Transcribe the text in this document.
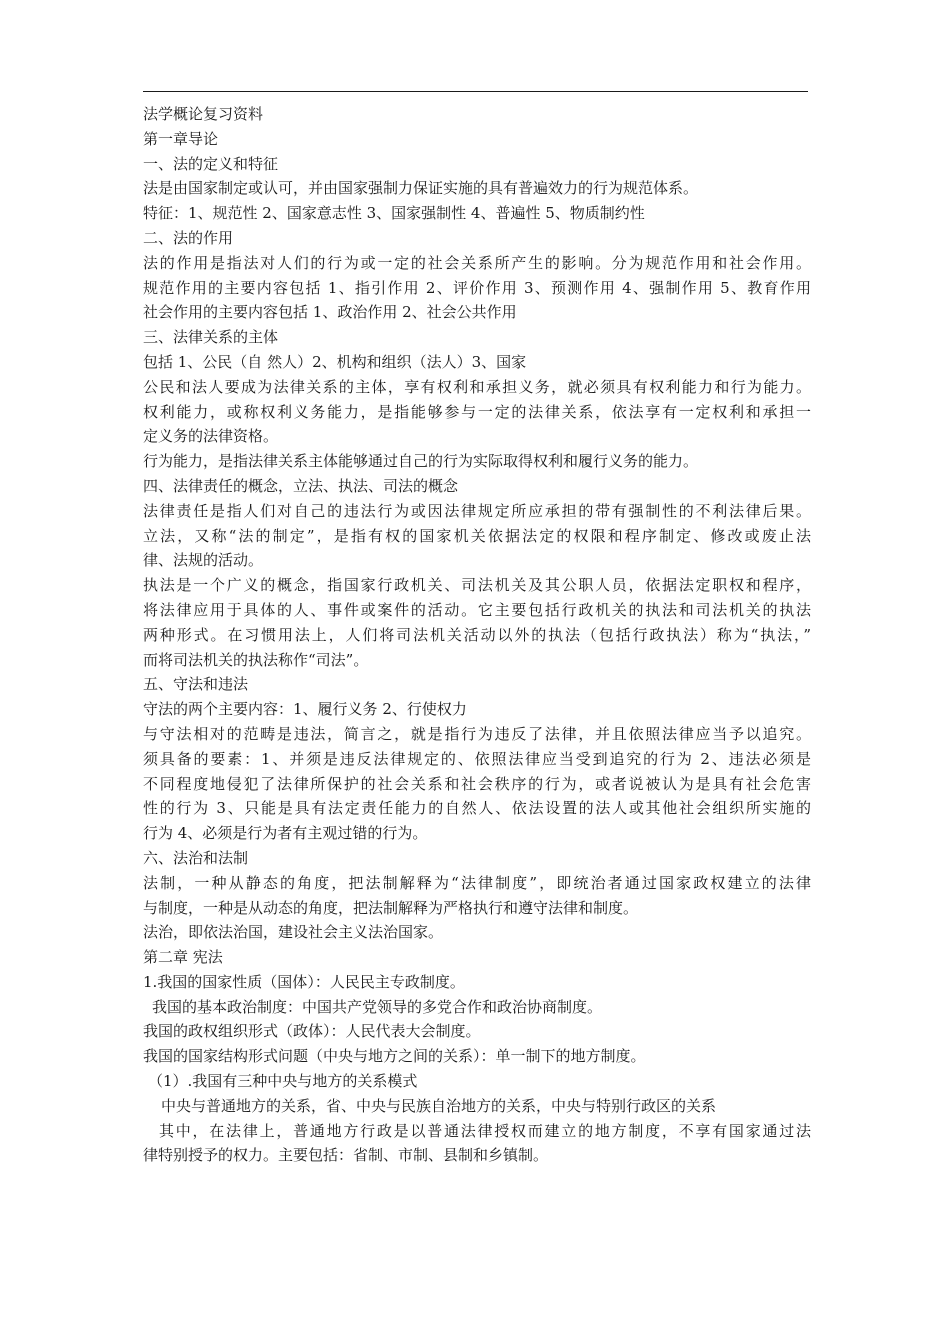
法学概论复习资料
第一章导论
一、法的定义和特征
法是由国家制定或认可，并由国家强制力保证实施的具有普遍效力的行为规范体系。
特征：1、规范性 2、国家意志性 3、国家强制性 4、普遍性 5、物质制约性
二、法的作用
法的作用是指法对人们的行为或一定的社会关系所产生的影响。分为规范作用和社会作用。
规范作用的主要内容包括 1、指引作用 2、评价作用 3、预测作用 4、强制作用 5、教育作用
社会作用的主要内容包括 1、政治作用 2、社会公共作用
三、法律关系的主体
包括 1、公民（自 然人）2、机构和组织（法人）3、国家
公民和法人要成为法律关系的主体，享有权利和承担义务，就必须具有权利能力和行为能力。
权利能力，或称权利义务能力，是指能够参与一定的法律关系，依法享有一定权利和承担一
定义务的法律资格。
行为能力，是指法律关系主体能够通过自己的行为实际取得权利和履行义务的能力。
四、法律责任的概念，立法、执法、司法的概念
法律责任是指人们对自己的违法行为或因法律规定所应承担的带有强制性的不利法律后果。
立法，又称“法的制定”，是指有权的国家机关依据法定的权限和程序制定、修改或废止法
律、法规的活动。
执法是一个广义的概念，指国家行政机关、司法机关及其公职人员，依据法定职权和程序，
将法律应用于具体的人、事件或案件的活动。它主要包括行政机关的执法和司法机关的执法
两种形式。在习惯用法上，人们将司法机关活动以外的执法（包括行政执法）称为“执法，”
而将司法机关的执法称作“司法”。
五、守法和违法
守法的两个主要内容：1、履行义务 2、行使权力
与守法相对的范畴是违法，简言之，就是指行为违反了法律，并且依照法律应当予以追究。
须具备的要素：1、并须是违反法律规定的、依照法律应当受到追究的行为 2、违法必须是
不同程度地侵犯了法律所保护的社会关系和社会秩序的行为，或者说被认为是具有社会危害
性的行为 3、只能是具有法定责任能力的自然人、依法设置的法人或其他社会组织所实施的
行为 4、必须是行为者有主观过错的行为。
六、法治和法制
法制，一种从静态的角度，把法制解释为“法律制度”，即统治者通过国家政权建立的法律
与制度，一种是从动态的角度，把法制解释为严格执行和遵守法律和制度。
法治，即依法治国，建设社会主义法治国家。
第二章 宪法
1.我国的国家性质（国体）：人民民主专政制度。
我国的基本政治制度：中国共产党领导的多党合作和政治协商制度。
我国的政权组织形式（政体）：人民代表大会制度。
我国的国家结构形式问题（中央与地方之间的关系）：单一制下的地方制度。
（1）.我国有三种中央与地方的关系模式
中央与普通地方的关系，省、中央与民族自治地方的关系，中央与特别行政区的关系
其中，在法律上，普通地方行政是以普通法律授权而建立的地方制度，不享有国家通过法
律特别授予的权力。主要包括：省制、市制、县制和乡镇制。
